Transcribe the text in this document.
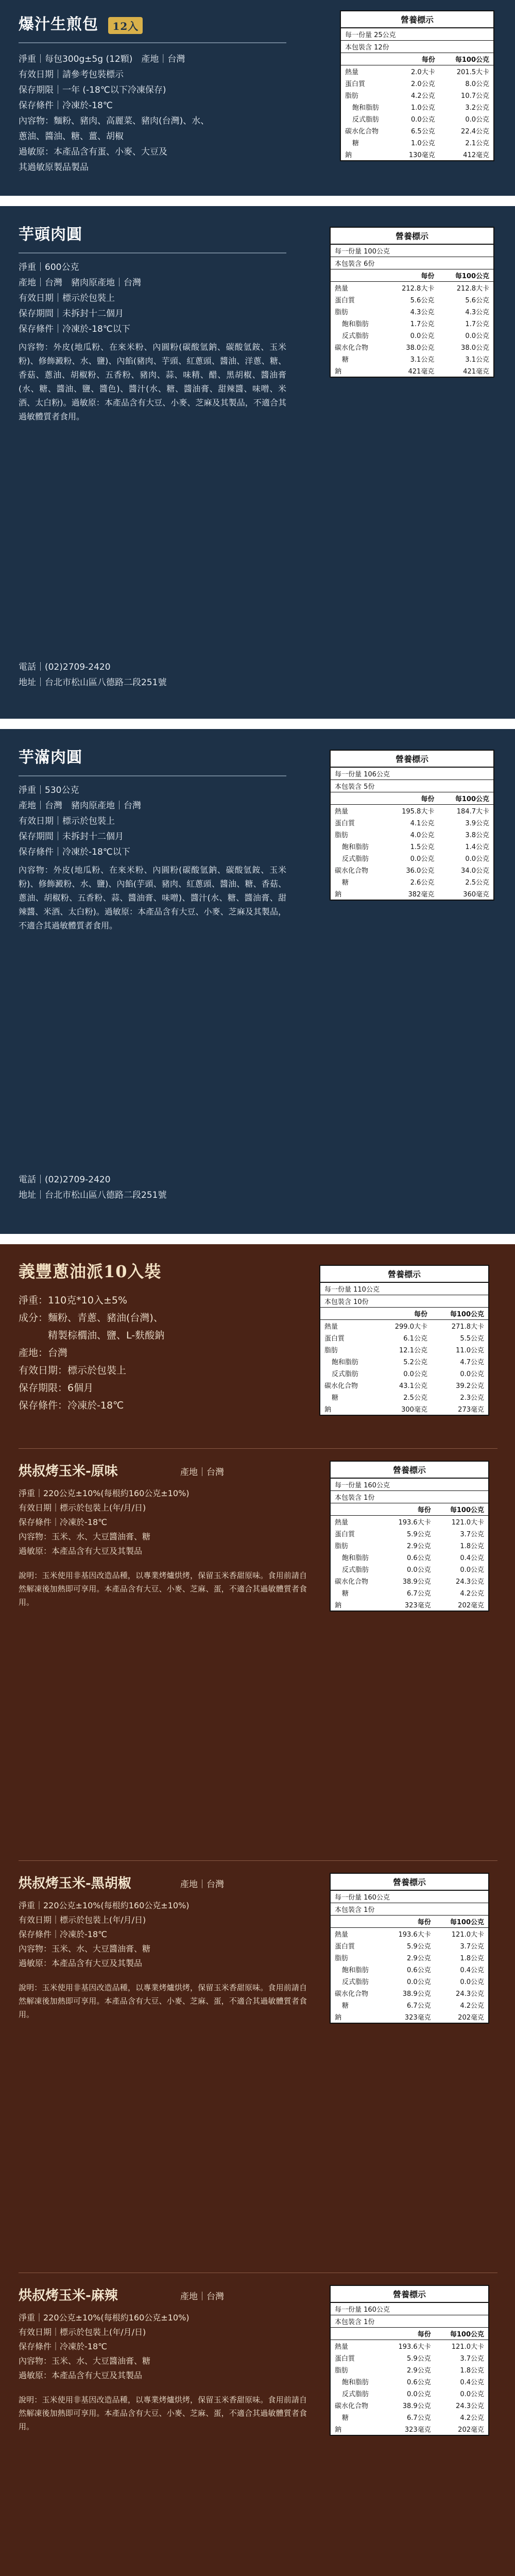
爆汁生煎包 12入
淨重｜每包300g±5g (12顆)　產地｜台灣
有效日期｜請參考包裝標示
保存期限｜一年 (-18℃以下冷凍保存)
保存條件｜冷凍於-18℃
內容物：麵粉、豬肉、高麗菜、豬肉(台灣)、水、
蔥油、醬油、糖、薑、胡椒
過敏原：本產品含有蛋、小麥、大豆及
其過敏原製品製品
營養標示
每一份量 25公克
本包裝含 12份
	每份	每100公克
熱量	2.0大卡	201.5大卡
蛋白質	2.0公克	8.0公克
脂肪	4.2公克	10.7公克
飽和脂肪	1.0公克	3.2公克
反式脂肪	0.0公克	0.0公克
碳水化合物	6.5公克	22.4公克
糖	1.0公克	2.1公克
鈉	130毫克	412毫克
芋頭肉圓
淨重｜600公克
產地｜台灣　豬肉原產地｜台灣
有效日期｜標示於包裝上
保存期間｜未拆封十二個月
保存條件｜冷凍於-18℃以下
內容物：外皮(地瓜粉、在來米粉、內圓粉(碳酸氫鈉、碳酸氫銨、玉米粉)、修飾澱粉、水、鹽)、內餡(豬肉、芋頭、紅蔥頭、醬油、洋蔥、糖、香菇、蔥油、胡椒粉、五香粉、豬肉、蒜、味精、醋、黑胡椒、醬油膏(水、糖、醬油、鹽、醬色)、醬汁(水、糖、醬油膏、甜辣醬、味噌、米酒、太白粉)。過敏原：本產品含有大豆、小麥、芝麻及其製品，不適合其過敏體質者食用。
電話｜(02)2709-2420
地址｜台北市松山區八德路二段251號
營養標示
每一份量 100公克
本包裝含 6份
	每份	每100公克
熱量	212.8大卡	212.8大卡
蛋白質	5.6公克	5.6公克
脂肪	4.3公克	4.3公克
飽和脂肪	1.7公克	1.7公克
反式脂肪	0.0公克	0.0公克
碳水化合物	38.0公克	38.0公克
糖	3.1公克	3.1公克
鈉	421毫克	421毫克
芋滿肉圓
淨重｜530公克
產地｜台灣　豬肉原產地｜台灣
有效日期｜標示於包裝上
保存期間｜未拆封十二個月
保存條件｜冷凍於-18℃以下
內容物：外皮(地瓜粉、在來米粉、內圓粉(碳酸氫鈉、碳酸氫銨、玉米粉)、修飾澱粉、水、鹽)、內餡(芋頭、豬肉、紅蔥頭、醬油、糖、香菇、蔥油、胡椒粉、五香粉、蒜、醬油膏、味噌)、醬汁(水、糖、醬油膏、甜辣醬、米酒、太白粉)。過敏原：本產品含有大豆、小麥、芝麻及其製品，不適合其過敏體質者食用。
電話｜(02)2709-2420
地址｜台北市松山區八德路二段251號
營養標示
每一份量 106公克
本包裝含 5份
	每份	每100公克
熱量	195.8大卡	184.7大卡
蛋白質	4.1公克	3.9公克
脂肪	4.0公克	3.8公克
飽和脂肪	1.5公克	1.4公克
反式脂肪	0.0公克	0.0公克
碳水化合物	36.0公克	34.0公克
糖	2.6公克	2.5公克
鈉	382毫克	360毫克
義豐蔥油派10入裝
淨重：110克*10入±5%
成分：麵粉、青蔥、豬油(台灣)、
　　　精製棕櫚油、鹽、L-麩酸鈉
產地：台灣
有效日期：標示於包裝上
保存期限：6個月
保存條件：冷凍於-18℃
營養標示
每一份量 110公克
本包裝含 10份
	每份	每100公克
熱量	299.0大卡	271.8大卡
蛋白質	6.1公克	5.5公克
脂肪	12.1公克	11.0公克
飽和脂肪	5.2公克	4.7公克
反式脂肪	0.0公克	0.0公克
碳水化合物	43.1公克	39.2公克
糖	2.5公克	2.3公克
鈉	300毫克	273毫克
烘叔烤玉米-原味	產地｜台灣
淨重｜220公克±10%(每根約160公克±10%)
有效日期｜標示於包裝上(年/月/日)
保存條件｜冷凍於-18℃
內容物：玉米、水、大豆醬油膏、糖
過敏原：本產品含有大豆及其製品
說明：玉米使用非基因改造品種，以專業烤爐烘烤，保留玉米香甜原味。食用前請自然解凍後加熱即可享用。本產品含有大豆、小麥、芝麻、蛋，不適合其過敏體質者食用。
營養標示
每一份量 160公克
本包裝含 1份
	每份	每100公克
熱量	193.6大卡	121.0大卡
蛋白質	5.9公克	3.7公克
脂肪	2.9公克	1.8公克
飽和脂肪	0.6公克	0.4公克
反式脂肪	0.0公克	0.0公克
碳水化合物	38.9公克	24.3公克
糖	6.7公克	4.2公克
鈉	323毫克	202毫克
烘叔烤玉米-黑胡椒	產地｜台灣
淨重｜220公克±10%(每根約160公克±10%)
有效日期｜標示於包裝上(年/月/日)
保存條件｜冷凍於-18℃
內容物：玉米、水、大豆醬油膏、糖
過敏原：本產品含有大豆及其製品
說明：玉米使用非基因改造品種，以專業烤爐烘烤，保留玉米香甜原味。食用前請自然解凍後加熱即可享用。本產品含有大豆、小麥、芝麻、蛋，不適合其過敏體質者食用。
營養標示
每一份量 160公克
本包裝含 1份
	每份	每100公克
熱量	193.6大卡	121.0大卡
蛋白質	5.9公克	3.7公克
脂肪	2.9公克	1.8公克
飽和脂肪	0.6公克	0.4公克
反式脂肪	0.0公克	0.0公克
碳水化合物	38.9公克	24.3公克
糖	6.7公克	4.2公克
鈉	323毫克	202毫克
烘叔烤玉米-麻辣	產地｜台灣
淨重｜220公克±10%(每根約160公克±10%)
有效日期｜標示於包裝上(年/月/日)
保存條件｜冷凍於-18℃
內容物：玉米、水、大豆醬油膏、糖
過敏原：本產品含有大豆及其製品
說明：玉米使用非基因改造品種，以專業烤爐烘烤，保留玉米香甜原味。食用前請自然解凍後加熱即可享用。本產品含有大豆、小麥、芝麻、蛋，不適合其過敏體質者食用。
營養標示
每一份量 160公克
本包裝含 1份
	每份	每100公克
熱量	193.6大卡	121.0大卡
蛋白質	5.9公克	3.7公克
脂肪	2.9公克	1.8公克
飽和脂肪	0.6公克	0.4公克
反式脂肪	0.0公克	0.0公克
碳水化合物	38.9公克	24.3公克
糖	6.7公克	4.2公克
鈉	323毫克	202毫克
